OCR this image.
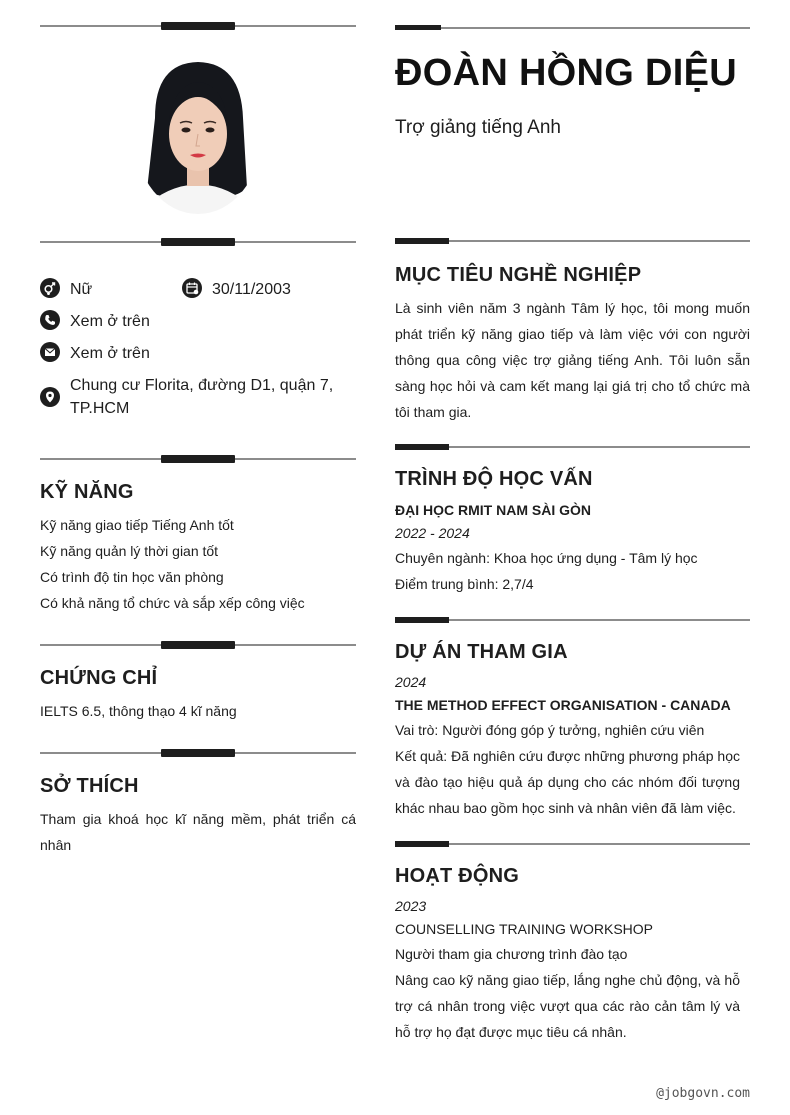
Nữ	30/11/2003
Xem ở trên
Xem ở trên
Chung cư Florita, đường D1, quận 7, TP.HCM
KỸ NĂNG
Kỹ năng giao tiếp Tiếng Anh tốt
Kỹ năng quản lý thời gian tốt
Có trình độ tin học văn phòng
Có khả năng tổ chức và sắp xếp công việc
CHỨNG CHỈ
IELTS 6.5, thông thạo 4 kĩ năng
SỞ THÍCH
Tham gia khoá học kĩ năng mềm, phát triển cá nhân
ĐOÀN HỒNG DIỆU
Trợ giảng tiếng Anh
MỤC TIÊU NGHỀ NGHIỆP
Là sinh viên năm 3 ngành Tâm lý học, tôi mong muốn phát triển kỹ năng giao tiếp và làm việc với con người thông qua công việc trợ giảng tiếng Anh. Tôi luôn sẵn sàng học hỏi và cam kết mang lại giá trị cho tổ chức mà tôi tham gia.
TRÌNH ĐỘ HỌC VẤN
ĐẠI HỌC RMIT NAM SÀI GÒN
2022 - 2024
Chuyên ngành: Khoa học ứng dụng - Tâm lý học
Điểm trung bình: 2,7/4
DỰ ÁN THAM GIA
2024
THE METHOD EFFECT ORGANISATION - CANADA
Vai trò: Người đóng góp ý tưởng, nghiên cứu viên
Kết quả: Đã nghiên cứu được những phương pháp học và đào tạo hiệu quả áp dụng cho các nhóm đối tượng khác nhau bao gồm học sinh và nhân viên đã làm việc.
HOẠT ĐỘNG
2023
COUNSELLING TRAINING WORKSHOP
Người tham gia chương trình đào tạo
Nâng cao kỹ năng giao tiếp, lắng nghe chủ động, và hỗ trợ cá nhân trong việc vượt qua các rào cản tâm lý và hỗ trợ họ đạt được mục tiêu cá nhân.
@jobgovn.com
